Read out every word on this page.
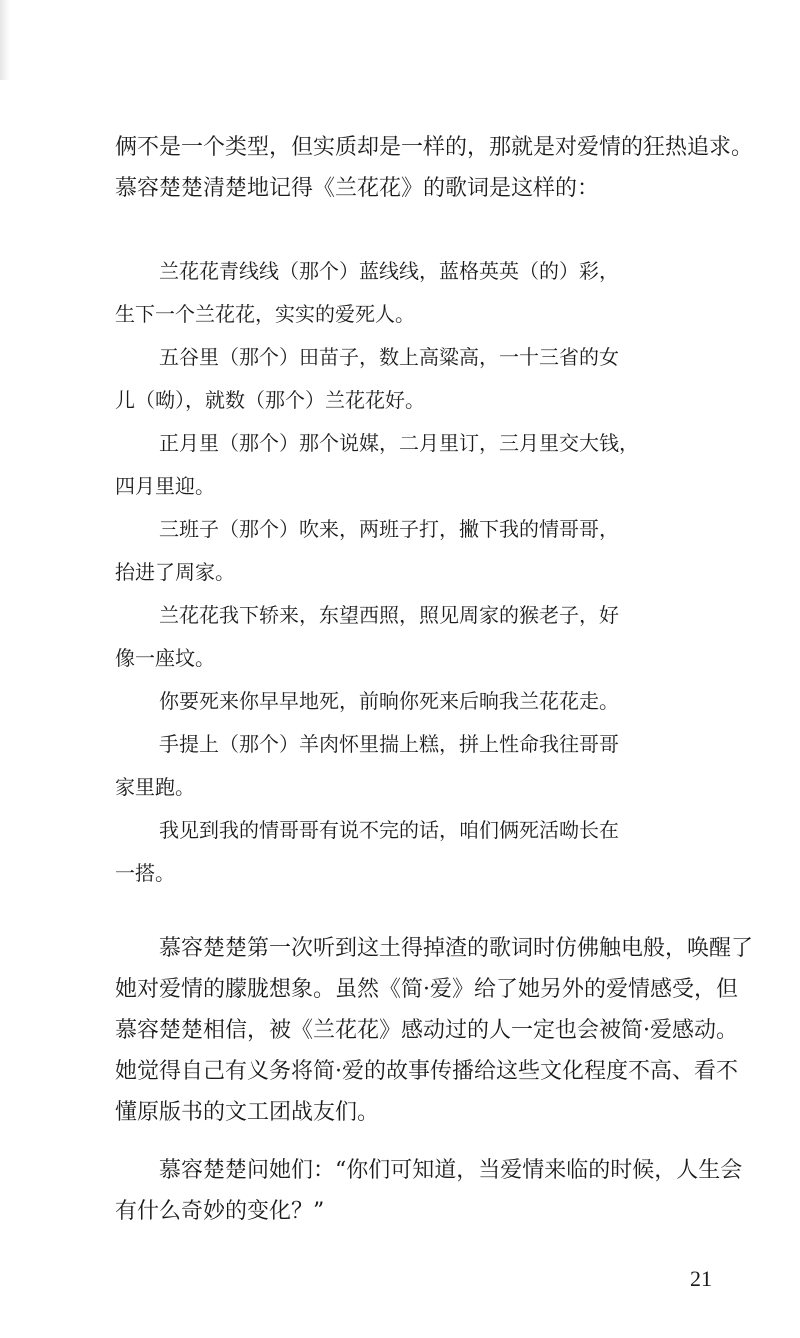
俩不是一个类型，但实质却是一样的，那就是对爱情的狂热追求。
慕容楚楚清楚地记得《兰花花》的歌词是这样的：
兰花花青线线（那个）蓝线线，蓝格英英（的）彩，
生下一个兰花花，实实的爱死人。
五谷里（那个）田苗子，数上高粱高，一十三省的女
儿（呦），就数（那个）兰花花好。
正月里（那个）那个说媒，二月里订，三月里交大钱，
四月里迎。
三班子（那个）吹来，两班子打，撇下我的情哥哥，
抬进了周家。
兰花花我下轿来，东望西照，照见周家的猴老子，好
像一座坟。
你要死来你早早地死，前晌你死来后晌我兰花花走。
手提上（那个）羊肉怀里揣上糕，拼上性命我往哥哥
家里跑。
我见到我的情哥哥有说不完的话，咱们俩死活呦长在
一搭。
　　慕容楚楚第一次听到这土得掉渣的歌词时仿佛触电般，唤醒了
她对爱情的朦胧想象。虽然《简·爱》给了她另外的爱情感受，但
慕容楚楚相信，被《兰花花》感动过的人一定也会被简·爱感动。
她觉得自己有义务将简·爱的故事传播给这些文化程度不高、看不
懂原版书的文工团战友们。
　　慕容楚楚问她们：“你们可知道，当爱情来临的时候，人生会
有什么奇妙的变化？”

21
